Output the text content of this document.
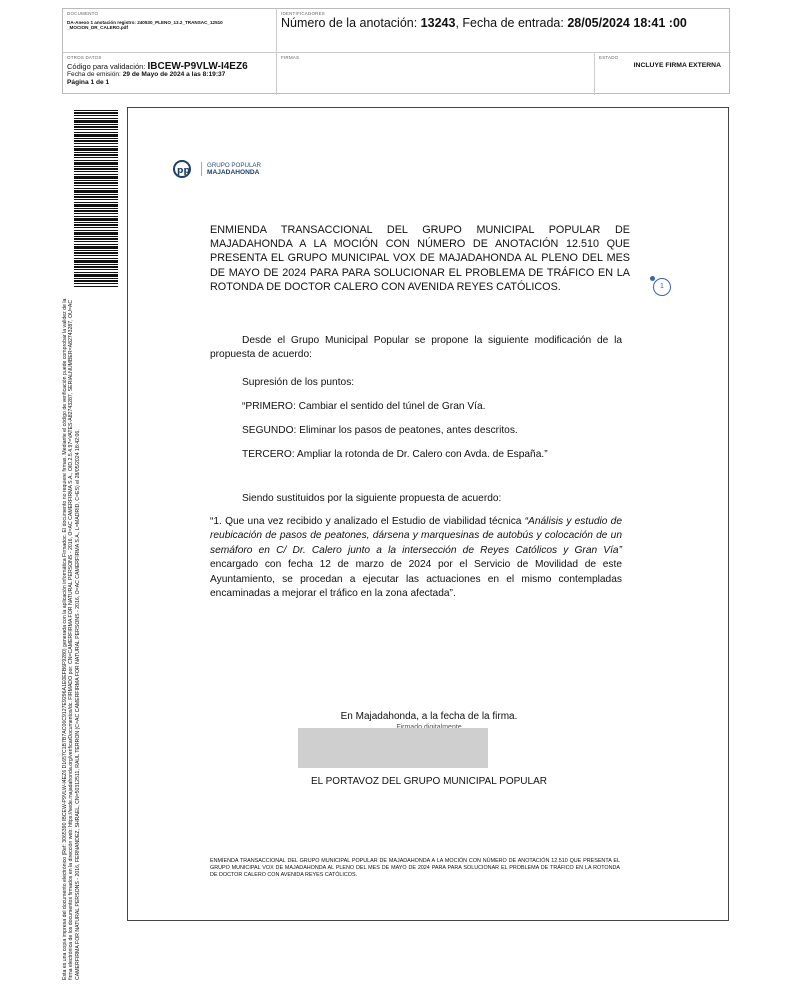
DOCUMENTO
DA-Anexo 1 anotación registro: 240530_PLENO_13.2_TRANSAC_12510 _MOCION_DR_CALERO.pdf
IDENTIFICADORES
Número de la anotación: 13243, Fecha de entrada: 28/05/2024 18:41 :00
OTROS DATOS
Código para validación: IBCEW-P9VLW-I4EZ6
Fecha de emisión: 29 de Mayo de 2024 a las 8:19:37
Página 1 de 1
FIRMAS	ESTADO
INCLUYE FIRMA EXTERNA
Esta es una copia impresa del documento electrónico (Ref: 3065390 IBCEW-P9VLW-I4EZ6 D1657C1B7B7AC06C9127E9296A1E0EFB6F9280) generada con la aplicación informática Firmadoc. El documento no requiere firmas. Mediante el código de verificación puede comprobar la validez de la firma electrónica de los documentos firmados en la dirección web: https://sede.majadahonda.org/verificarDocumentos/dc. FIRMADO por: CN=CAMERFIRMA FOR NATURAL PERSONS - 2016, O=AC CAMERFIRMA S.A., OID.2.5.4.97=VATES-A82743287, SERIALNUMBER=A82743287, OU=AC CAMERFIRMA FOR NATURAL PERSONS - 2016, FERNANDEZ, SHRAEL, CN=50312511, RAUL TERRON (C=AC CAMERFIRMA FOR NATURAL PERSONS - 2016, O=AC CAMERFIRMA S.A., L=MADRID, C=ES) el 28/05/2024 18:42:06.
pp
GRUPO POPULAR
MAJADAHONDA
ENMIENDA TRANSACCIONAL DEL GRUPO MUNICIPAL POPULAR DE MAJADAHONDA A LA MOCIÓN CON NÚMERO DE ANOTACIÓN 12.510 QUE PRESENTA EL GRUPO MUNICIPAL VOX DE MAJADAHONDA AL PLENO DEL MES DE MAYO DE 2024 PARA PARA SOLUCIONAR EL PROBLEMA DE TRÁFICO EN LA ROTONDA DE DOCTOR CALERO CON AVENIDA REYES CATÓLICOS.	1
Desde el Grupo Municipal Popular se propone la siguiente modificación de la propuesta de acuerdo:
Supresión de los puntos:
“PRIMERO: Cambiar el sentido del túnel de Gran Vía.
SEGUNDO: Eliminar los pasos de peatones, antes descritos.
TERCERO: Ampliar la rotonda de Dr. Calero con Avda. de España.”
Siendo sustituidos por la siguiente propuesta de acuerdo:
“1. Que una vez recibido y analizado el Estudio de viabilidad técnica “Análisis y estudio de reubicación de pasos de peatones, dársena y marquesinas de autobús y colocación de un semáforo en C/ Dr. Calero junto a la intersección de Reyes Católicos y Gran Vía” encargado con fecha 12 de marzo de 2024 por el Servicio de Movilidad de este Ayuntamiento, se procedan a ejecutar las actuaciones en el mismo contempladas encaminadas a mejorar el tráfico en la zona afectada”.
En Majadahonda, a la fecha de la firma.
EL PORTAVOZ DEL GRUPO MUNICIPAL POPULAR
ENMIENDA TRANSACCIONAL DEL GRUPO MUNICIPAL POPULAR DE MAJADAHONDA A LA MOCIÓN CON NÚMERO DE ANOTACIÓN 12.510 QUE PRESENTA EL GRUPO MUNICIPAL VOX DE MAJADAHONDA AL PLENO DEL MES DE MAYO DE 2024 PARA PARA SOLUCIONAR EL PROBLEMA DE TRÁFICO EN LA ROTONDA DE DOCTOR CALERO CON AVENIDA REYES CATÓLICOS.
